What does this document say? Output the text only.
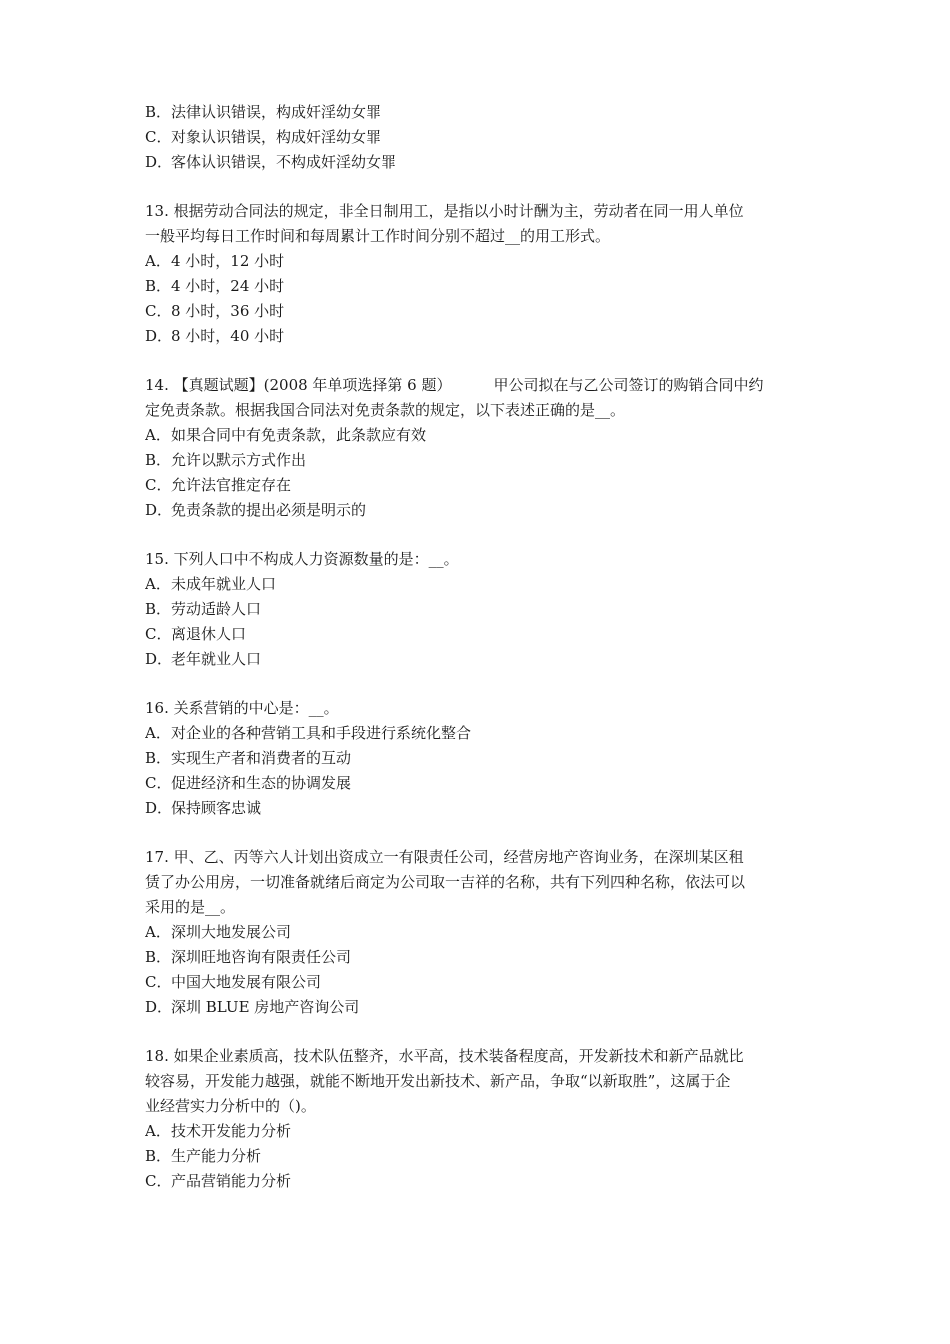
B．法律认识错误，构成奸淫幼女罪
C．对象认识错误，构成奸淫幼女罪
D．客体认识错误，不构成奸淫幼女罪
13. 根据劳动合同法的规定，非全日制用工，是指以小时计酬为主，劳动者在同一用人单位
一般平均每日工作时间和每周累计工作时间分别不超过__的用工形式。
A．4 小时，12 小时
B．4 小时，24 小时
C．8 小时，36 小时
D．8 小时，40 小时
14. 【真题试题】(2008 年单项选择第 6 题）	甲公司拟在与乙公司签订的购销合同中约
定免责条款。根据我国合同法对免责条款的规定，以下表述正确的是__。
A．如果合同中有免责条款，此条款应有效
B．允许以默示方式作出
C．允许法官推定存在
D．免责条款的提出必须是明示的
15. 下列人口中不构成人力资源数量的是：__。
A．未成年就业人口
B．劳动适龄人口
C．离退休人口
D．老年就业人口
16. 关系营销的中心是：__。
A．对企业的各种营销工具和手段进行系统化整合
B．实现生产者和消费者的互动
C．促进经济和生态的协调发展
D．保持顾客忠诚
17. 甲、乙、丙等六人计划出资成立一有限责任公司，经营房地产咨询业务，在深圳某区租
赁了办公用房，一切准备就绪后商定为公司取一吉祥的名称，共有下列四种名称，依法可以
采用的是__。
A．深圳大地发展公司
B．深圳旺地咨询有限责任公司
C．中国大地发展有限公司
D．深圳 BLUE 房地产咨询公司
18. 如果企业素质高，技术队伍整齐，水平高，技术装备程度高，开发新技术和新产品就比
较容易，开发能力越强，就能不断地开发出新技术、新产品，争取“以新取胜”，这属于企
业经营实力分析中的（)。
A．技术开发能力分析
B．生产能力分析
C．产品营销能力分析
